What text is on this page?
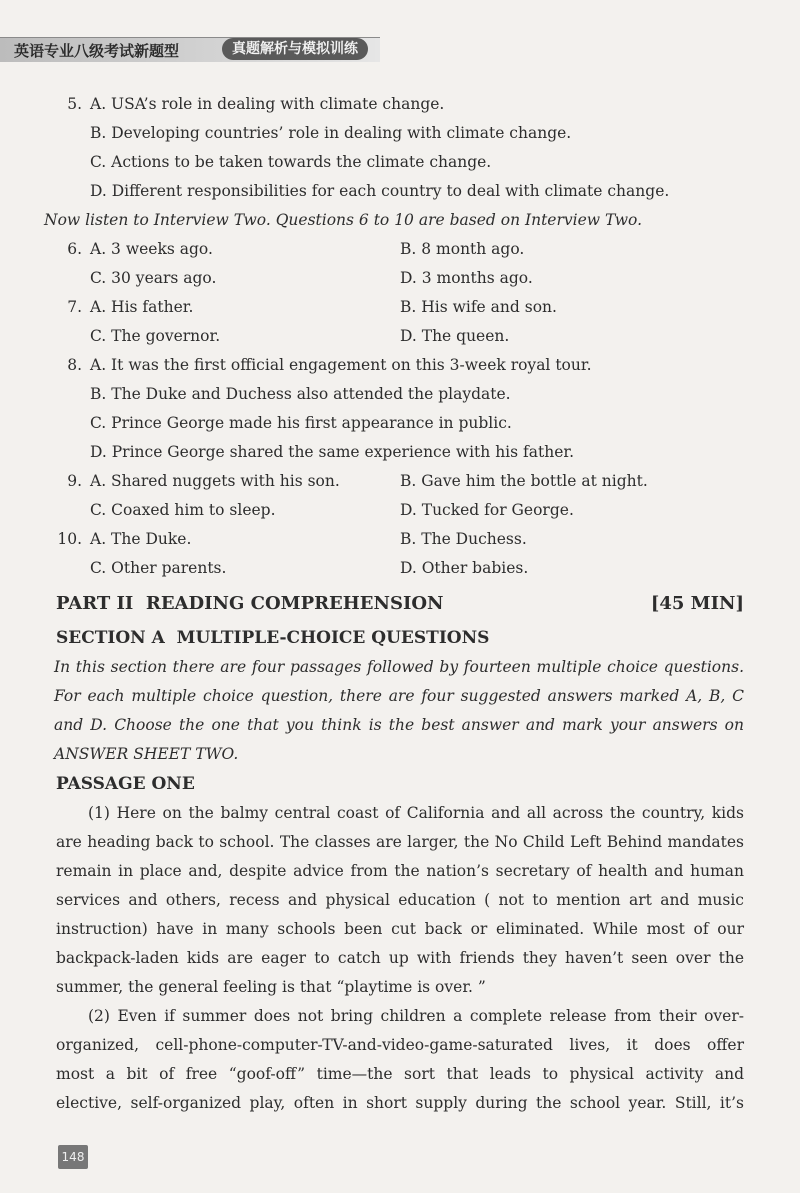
英语专业八级考试新题型	真题解析与模拟训练
5. A. USA’s role in dealing with climate change.
B. Developing countries’ role in dealing with climate change.
C. Actions to be taken towards the climate change.
D. Different responsibilities for each country to deal with climate change.
Now listen to Interview Two. Questions 6 to 10 are based on Interview Two.
6. A. 3 weeks ago.	B. 8 month ago.
C. 30 years ago.	D. 3 months ago.
7. A. His father.	B. His wife and son.
C. The governor.	D. The queen.
8. A. It was the first official engagement on this 3-week royal tour.
B. The Duke and Duchess also attended the playdate.
C. Prince George made his first appearance in public.
D. Prince George shared the same experience with his father.
9. A. Shared nuggets with his son.	B. Gave him the bottle at night.
C. Coaxed him to sleep.	D. Tucked for George.
10. A. The Duke.	B. The Duchess.
C. Other parents.	D. Other babies.
PART II  READING COMPREHENSION	[45 MIN]
SECTION A  MULTIPLE-CHOICE QUESTIONS
In this section there are four passages followed by fourteen multiple choice questions.
For each multiple choice question, there are four suggested answers marked A, B, C
and D. Choose the one that you think is the best answer and mark your answers on
ANSWER SHEET TWO.
PASSAGE ONE
(1) Here on the balmy central coast of California and all across the country, kids
are heading back to school. The classes are larger, the No Child Left Behind mandates
remain in place and, despite advice from the nation’s secretary of health and human
services and others, recess and physical education ( not to mention art and music
instruction) have in many schools been cut back or eliminated. While most of our
backpack-laden kids are eager to catch up with friends they haven’t seen over the
summer, the general feeling is that “playtime is over. ”
(2) Even if summer does not bring children a complete release from their over-
organized, cell-phone-computer-TV-and-video-game-saturated lives, it does offer
most a bit of free “goof-off” time—the sort that leads to physical activity and
elective, self-organized play, often in short supply during the school year. Still, it’s
148
